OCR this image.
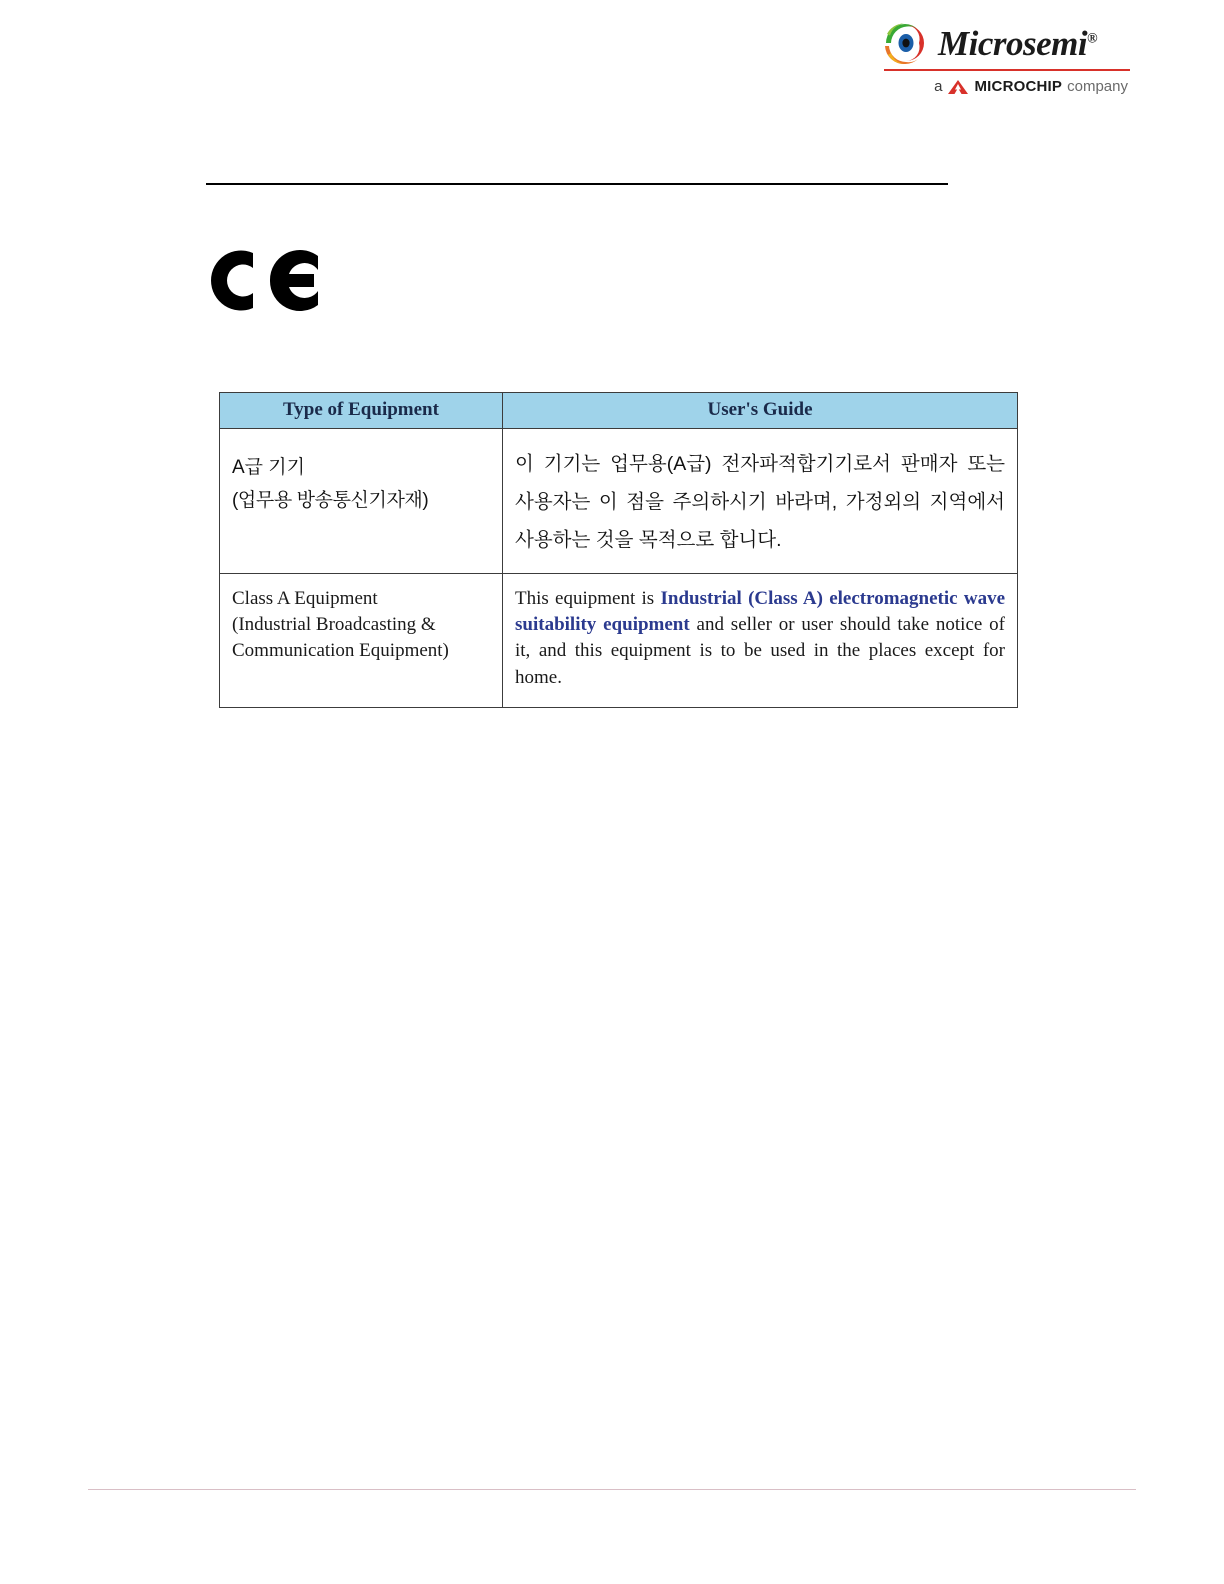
Microsemi®
a MICROCHIP company
Type of Equipment	User's Guide

A급 기기
(업무용 방송통신기자재)	이 기기는 업무용(A급) 전자파적합기기로서 판매자 또는 사용자는 이 점을 주의하시기 바라며, 가정외의 지역에서 사용하는 것을 목적으로 합니다.

Class A Equipment
(Industrial Broadcasting &
Communication Equipment)	This equipment is Industrial (Class A) electromagnetic wave suitability equipment and seller or user should take notice of it, and this equipment is to be used in the places except for home.
